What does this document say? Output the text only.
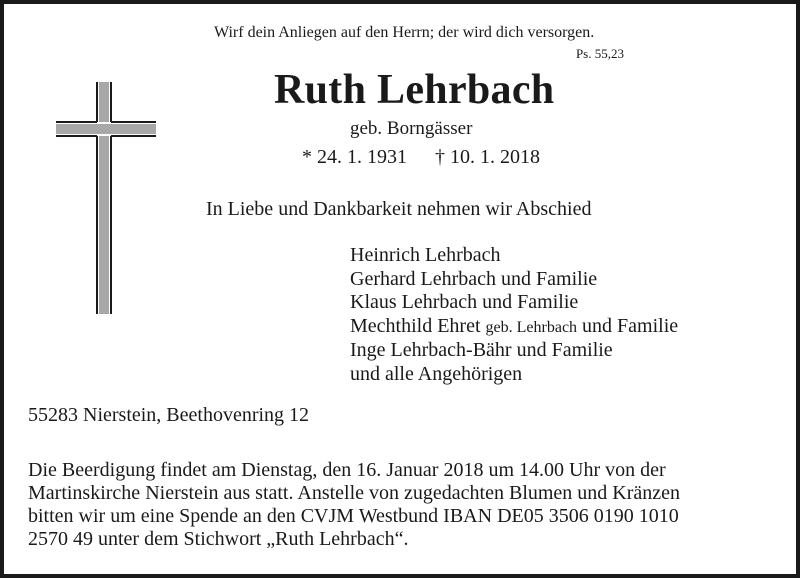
Wirf dein Anliegen auf den Herrn; der wird dich versorgen.
Ps. 55,23
Ruth Lehrbach
geb. Borngässer
* 24. 1. 1931 † 10. 1. 2018
In Liebe und Dankbarkeit nehmen wir Abschied
Heinrich Lehrbach
Gerhard Lehrbach und Familie
Klaus Lehrbach und Familie
Mechthild Ehret geb. Lehrbach und Familie
Inge Lehrbach-Bähr und Familie
und alle Angehörigen
55283 Nierstein, Beethovenring 12
Die Beerdigung findet am Dienstag, den 16. Januar 2018 um 14.00 Uhr von der
Martinskirche Nierstein aus statt. Anstelle von zugedachten Blumen und Kränzen
bitten wir um eine Spende an den CVJM Westbund IBAN DE05 3506 0190 1010
2570 49 unter dem Stichwort „Ruth Lehrbach“.
